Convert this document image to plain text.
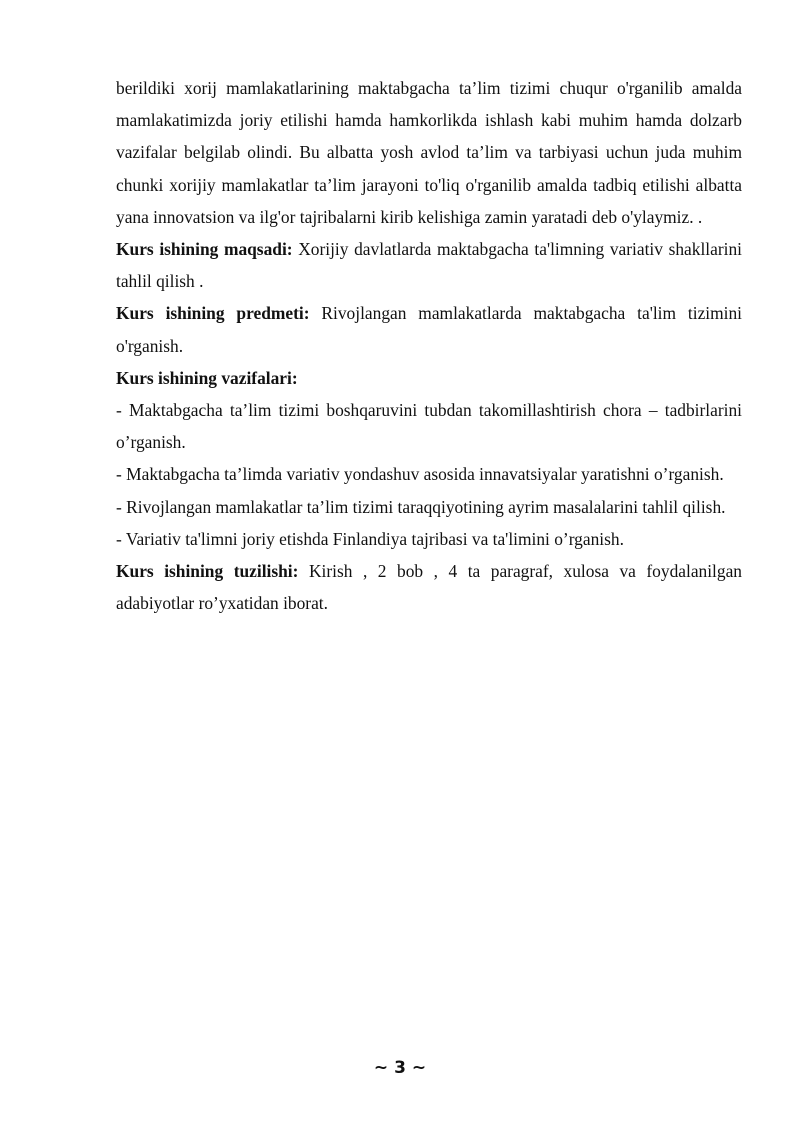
berildiki xorij mamlakatlarining maktabgacha ta’lim tizimi chuqur o'rganilib amalda mamlakatimizda joriy etilishi hamda hamkorlikda ishlash kabi muhim hamda dolzarb vazifalar belgilab olindi. Bu albatta yosh avlod ta’lim va tarbiyasi uchun juda muhim chunki xorijiy mamlakatlar ta’lim jarayoni to'liq o'rganilib amalda tadbiq etilishi albatta yana innovatsion va ilg'or tajribalarni kirib kelishiga zamin yaratadi deb o'ylaymiz. .

Kurs ishining maqsadi: Xorijiy davlatlarda maktabgacha ta'limning variativ shakllarini tahlil qilish .

Kurs ishining predmeti: Rivojlangan mamlakatlarda maktabgacha ta'lim tizimini o'rganish.

Kurs ishining vazifalari:

- Maktabgacha ta’lim tizimi boshqaruvini tubdan takomillashtirish chora – tadbirlarini o’rganish.

- Maktabgacha ta’limda variativ yondashuv asosida innavatsiyalar yaratishni o’rganish.

- Rivojlangan mamlakatlar ta’lim tizimi taraqqiyotining ayrim masalalarini tahlil qilish.

- Variativ ta'limni joriy etishda Finlandiya tajribasi va ta'limini o’rganish.

Kurs ishining tuzilishi: Kirish , 2 bob , 4 ta paragraf, xulosa va foydalanilgan adabiyotlar ro’yxatidan iborat.

~ 3 ~
